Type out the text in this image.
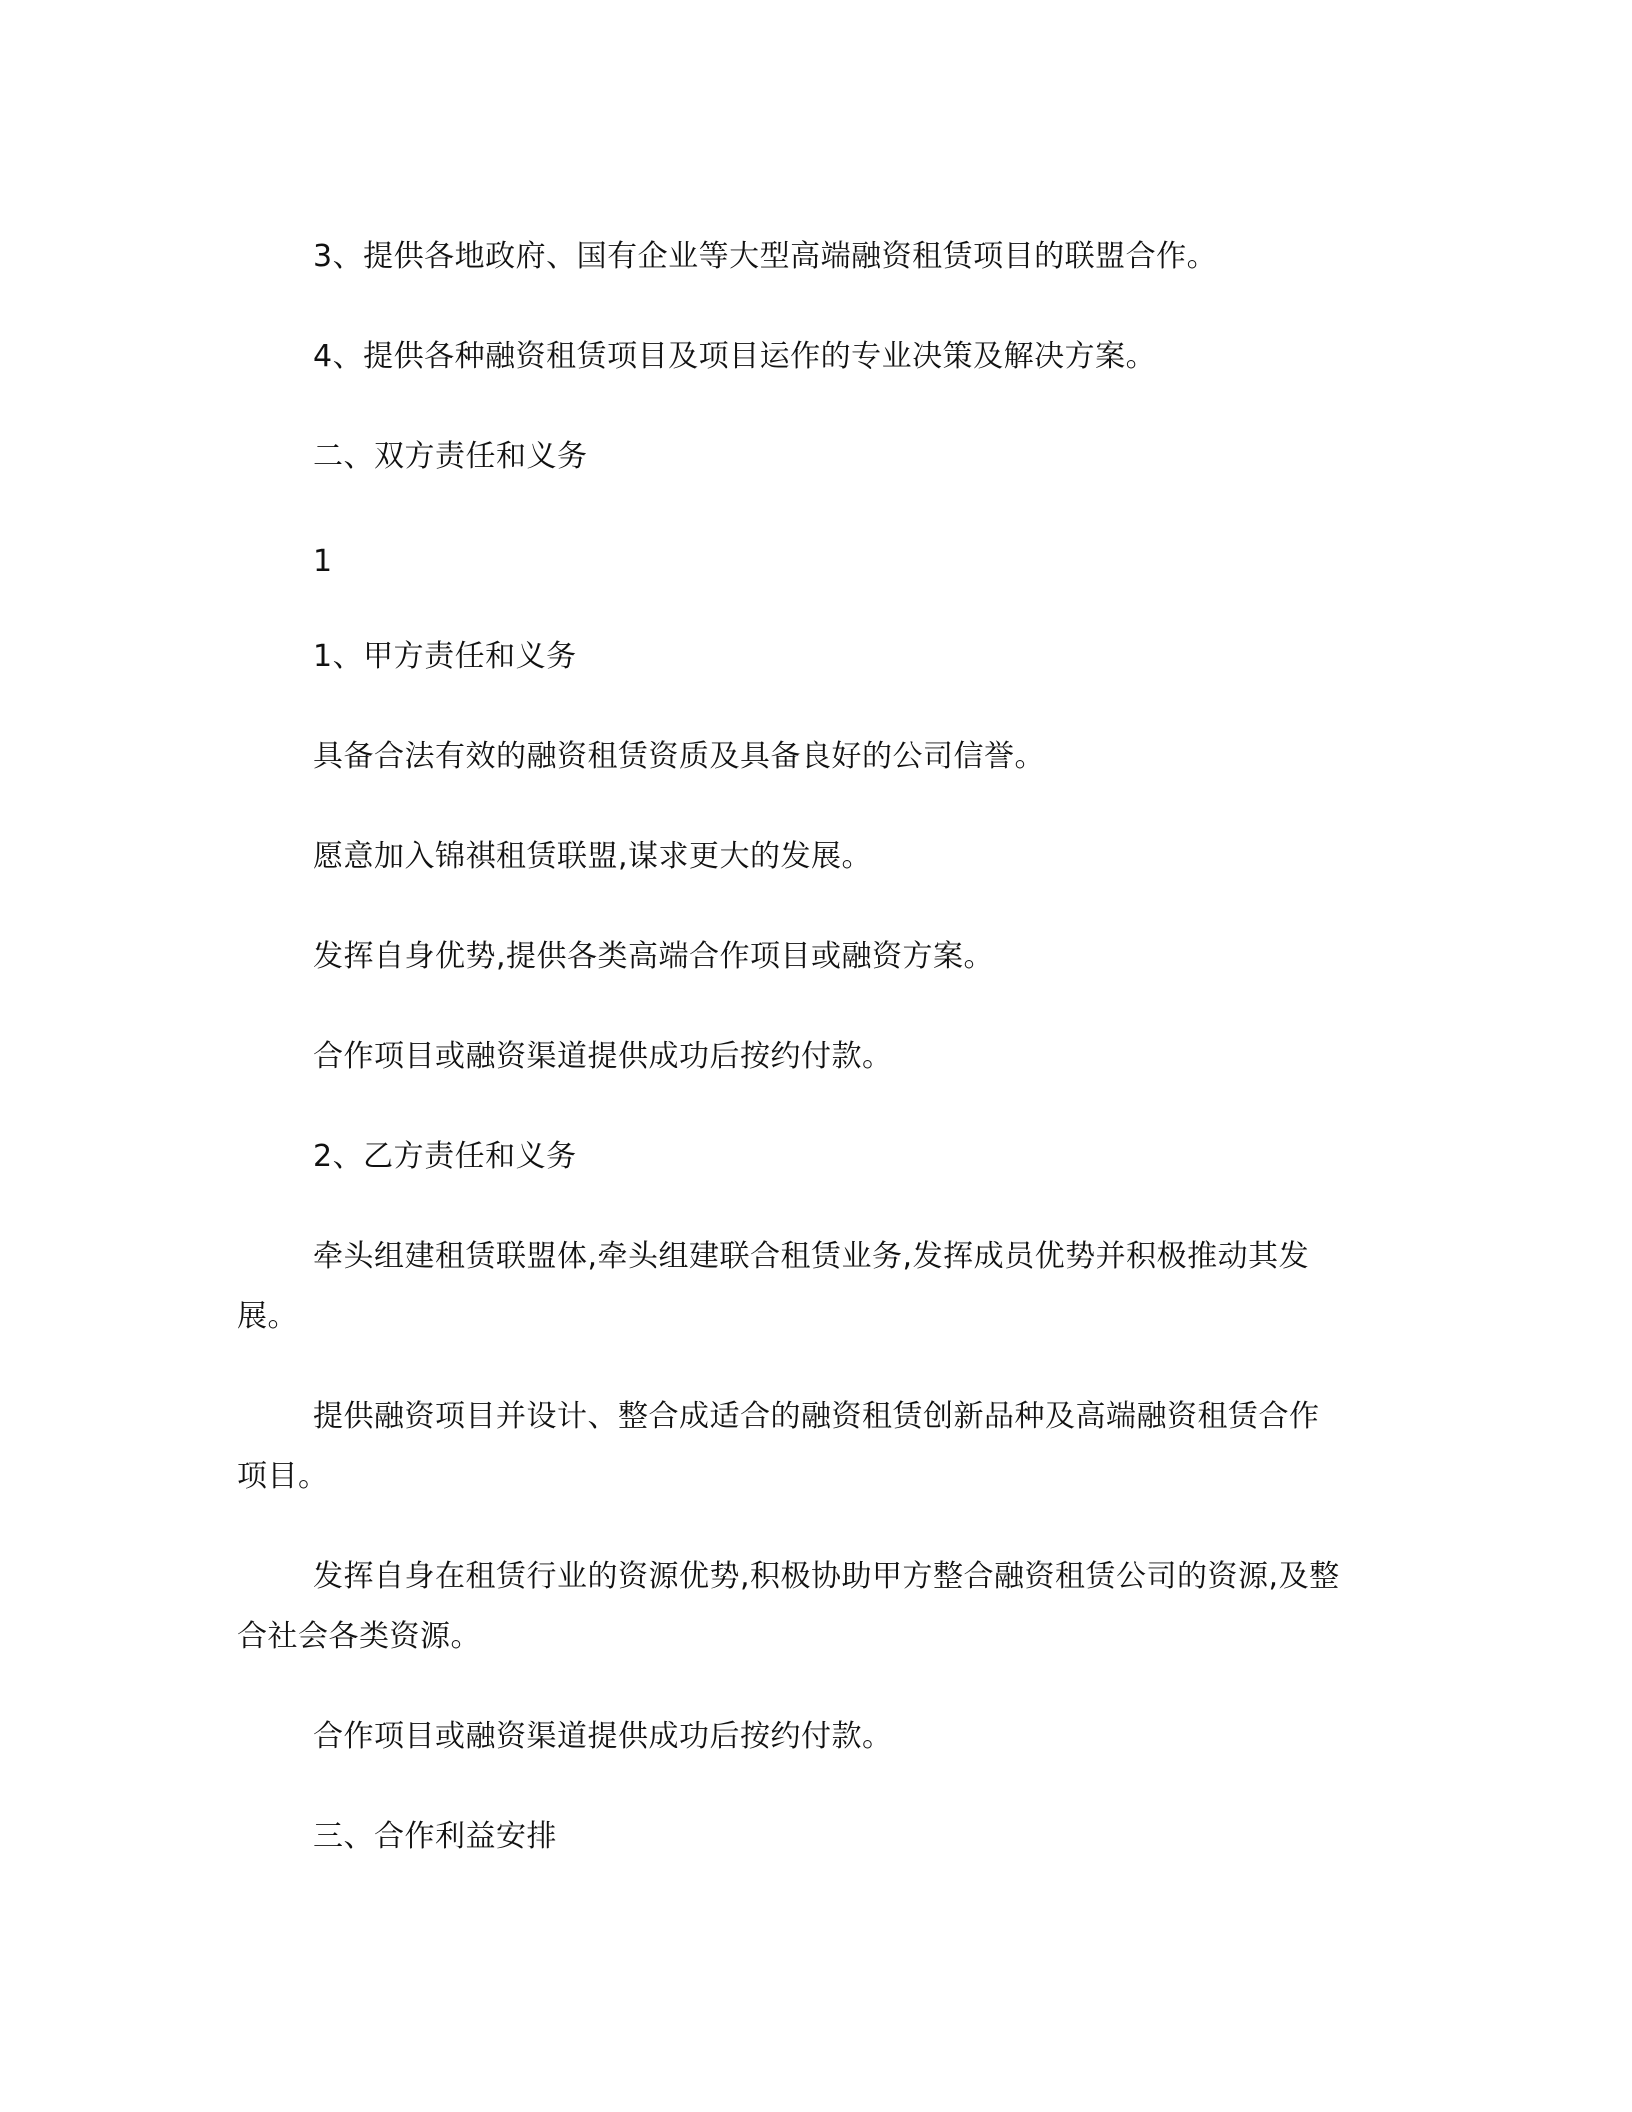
3、提供各地政府、国有企业等大型高端融资租赁项目的联盟合作。
4、提供各种融资租赁项目及项目运作的专业决策及解决方案。
二、双方责任和义务
1
1、甲方责任和义务
具备合法有效的融资租赁资质及具备良好的公司信誉。
愿意加入锦祺租赁联盟,谋求更大的发展。
发挥自身优势,提供各类高端合作项目或融资方案。
合作项目或融资渠道提供成功后按约付款。
2、乙方责任和义务
牵头组建租赁联盟体,牵头组建联合租赁业务,发挥成员优势并积极推动其发
展。
提供融资项目并设计、整合成适合的融资租赁创新品种及高端融资租赁合作
项目。
发挥自身在租赁行业的资源优势,积极协助甲方整合融资租赁公司的资源,及整
合社会各类资源。
合作项目或融资渠道提供成功后按约付款。
三、合作利益安排
